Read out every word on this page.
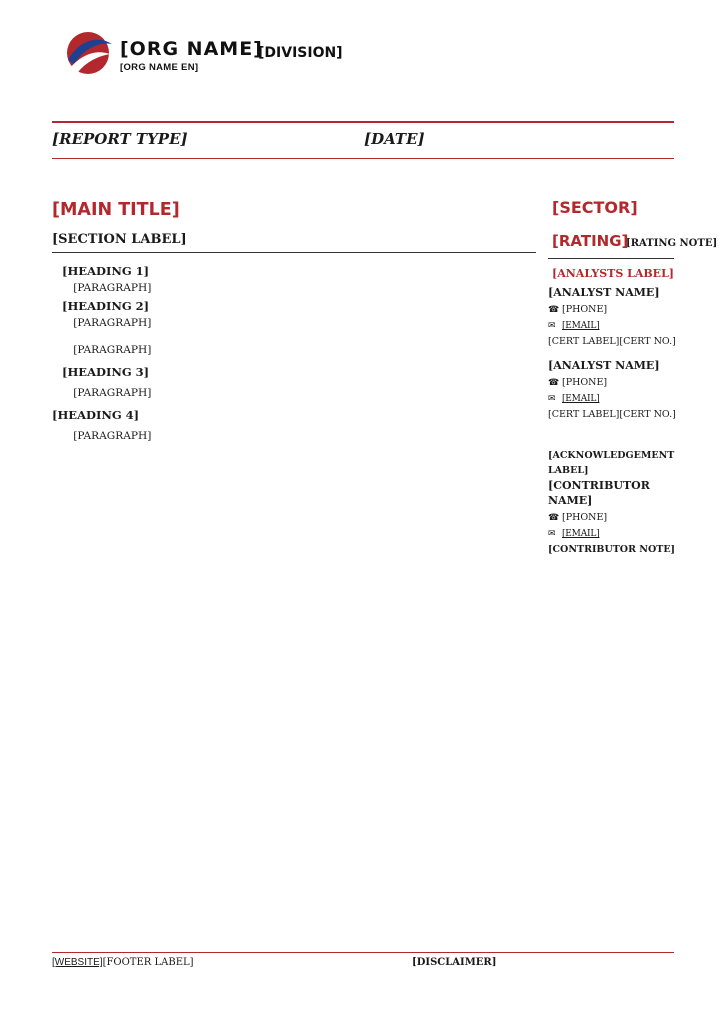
[ORG NAME]
[ORG NAME EN]
[DIVISION]
[REPORT TYPE]	[DATE]
[MAIN TITLE]
[SECTION LABEL]
[HEADING 1]

[PARAGRAPH]

[HEADING 2]

[PARAGRAPH]

[PARAGRAPH]

[HEADING 3]

[PARAGRAPH]

[HEADING 4]

[PARAGRAPH]

[SECTOR]
[RATING]
[RATING NOTE]
[ANALYSTS LABEL]
[ANALYST NAME]
☎ [PHONE]
✉ [EMAIL]
[CERT LABEL][CERT NO.]
[ANALYST NAME]
☎ [PHONE]
✉ [EMAIL]
[CERT LABEL][CERT NO.]
[ACKNOWLEDGEMENT LABEL]
[CONTRIBUTOR NAME]
☎ [PHONE]
✉ [EMAIL]
[CONTRIBUTOR NOTE]
[WEBSITE][FOOTER LABEL]	[DISCLAIMER]
